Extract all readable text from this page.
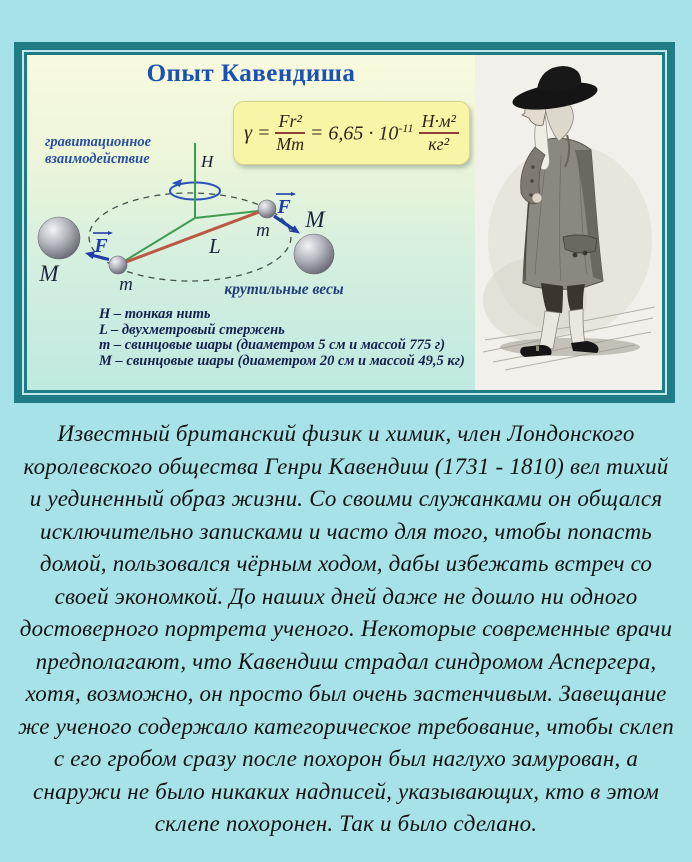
Опыт Кавендиша
гравитационное
взаимодействие	H
L
M
M
m
m
F
F
крутильные весы
$\gamma = \frac{\text{Fr²}}{Mm} = 6,65 \cdot 10^{-11} \frac{\text{Н·м²}}{\text{кг²}}$
H – тонкая нить
L – двухметровый стержень
m – свинцовые шары (диаметром 5 см и массой 775 г)
M – свинцовые шары (диаметром 20 см и массой 49,5 кг)
Известный британский физик и химик, член Лондонского
королевского общества Генри Кавендиш (1731 - 1810) вел тихий
и уединенный образ жизни. Со своими служанками он общался
исключительно записками и часто для того, чтобы попасть
домой, пользовался чёрным ходом, дабы избежать встреч со
своей экономкой. До наших дней даже не дошло ни одного
достоверного портрета ученого. Некоторые современные врачи
предполагают, что Кавендиш страдал синдромом Аспергера,
хотя, возможно, он просто был очень застенчивым. Завещание
же ученого содержало категорическое требование, чтобы склеп
с его гробом сразу после похорон был наглухо замурован, а
снаружи не было никаких надписей, указывающих, кто в этом
склепе похоронен. Так и было сделано.
